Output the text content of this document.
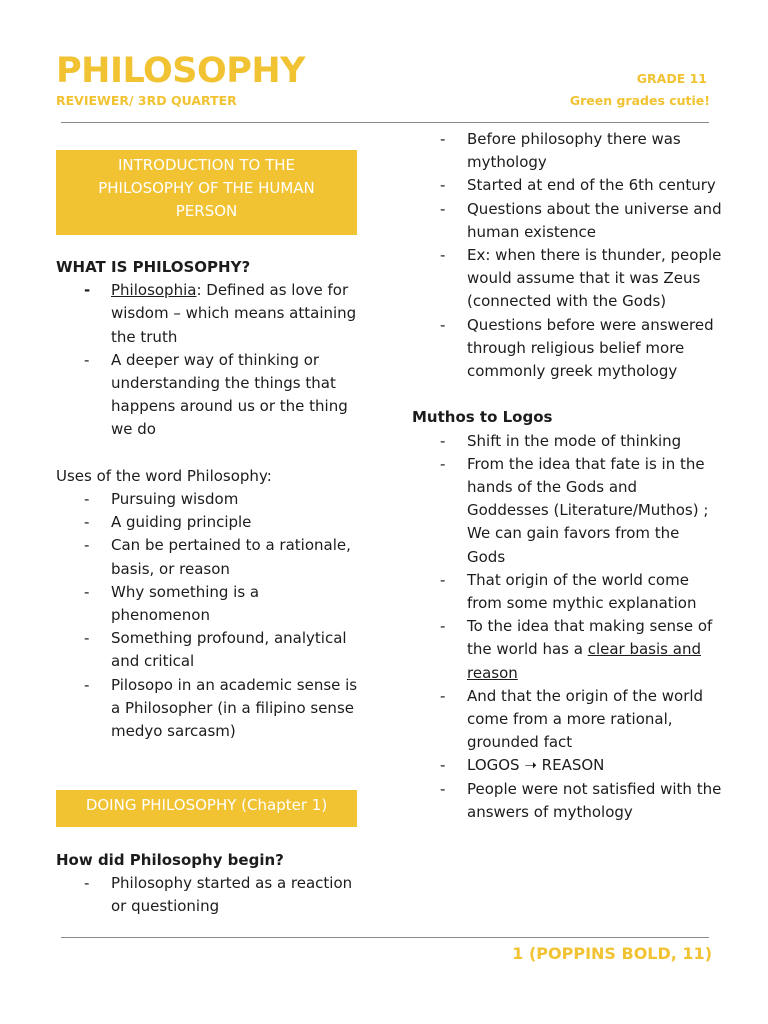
PHILOSOPHY
REVIEWER/ 3RD QUARTER
GRADE 11
Green grades cutie!
INTRODUCTION TO THE PHILOSOPHY OF THE HUMAN PERSON
WHAT IS PHILOSOPHY?
- Philosophia: Defined as love for wisdom – which means attaining the truth
- A deeper way of thinking or understanding the things that happens around us or the thing we do
Uses of the word Philosophy:
- Pursuing wisdom
- A guiding principle
- Can be pertained to a rationale, basis, or reason
- Why something is a phenomenon
- Something profound, analytical and critical
- Pilosopo in an academic sense is a Philosopher (in a filipino sense medyo sarcasm)
DOING PHILOSOPHY (Chapter 1)
How did Philosophy begin?
- Philosophy started as a reaction or questioning
- Before philosophy there was mythology
- Started at end of the 6th century
- Questions about the universe and human existence
- Ex: when there is thunder, people would assume that it was Zeus (connected with the Gods)
- Questions before were answered through religious belief more commonly greek mythology
Muthos to Logos
- Shift in the mode of thinking
- From the idea that fate is in the hands of the Gods and Goddesses (Literature/Muthos) ; We can gain favors from the Gods
- That origin of the world come from some mythic explanation
- To the idea that making sense of the world has a clear basis and reason
- And that the origin of the world come from a more rational, grounded fact
- LOGOS ➝ REASON
- People were not satisfied with the answers of mythology
1 (POPPINS BOLD, 11)
